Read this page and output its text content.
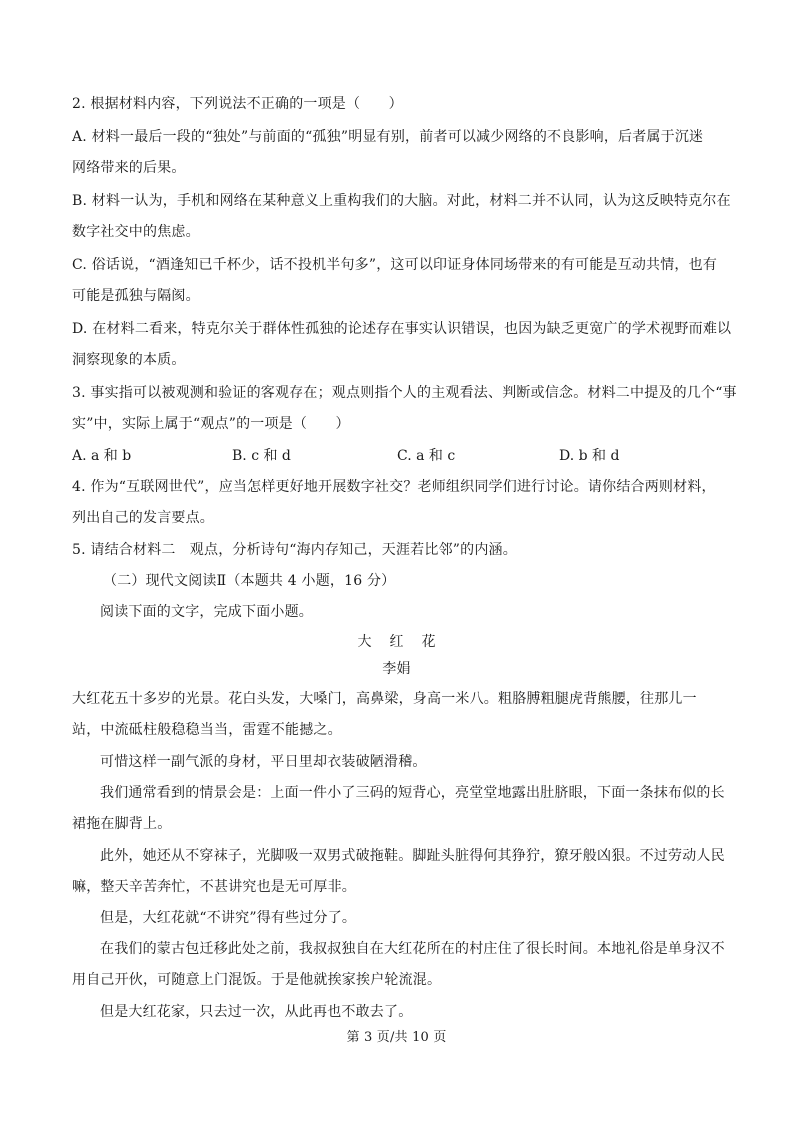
2. 根据材料内容，下列说法不正确的一项是（　　）
A. 材料一最后一段的“独处”与前面的“孤独”明显有别，前者可以减少网络的不良影响，后者属于沉迷
网络带来的后果。
B. 材料一认为，手机和网络在某种意义上重构我们的大脑。对此，材料二并不认同，认为这反映特克尔在
数字社交中的焦虑。
C. 俗话说，“酒逢知已千杯少，话不投机半句多”，这可以印证身体同场带来的有可能是互动共情，也有
可能是孤独与隔阂。
D. 在材料二看来，特克尔关于群体性孤独的论述存在事实认识错误，也因为缺乏更宽广的学术视野而难以
洞察现象的本质。
3. 事实指可以被观测和验证的客观存在；观点则指个人的主观看法、判断或信念。材料二中提及的几个“事
实”中，实际上属于“观点”的一项是（　　）
A. a 和 b	B. c 和 d	C. a 和 c	D. b 和 d
4. 作为“互联网世代”，应当怎样更好地开展数字社交？老师组织同学们进行讨论。请你结合两则材料，
列出自己的发言要点。
5. 请结合材料二　观点，分析诗句“海内存知己，天涯若比邻”的内涵。
（二）现代文阅读Ⅱ（本题共 4 小题，16 分）
阅读下面的文字，完成下面小题。
大红花
李娟
大红花五十多岁的光景。花白头发，大嗓门，高鼻梁，身高一米八。粗胳膊粗腿虎背熊腰，往那儿一
站，中流砥柱般稳稳当当，雷霆不能撼之。
可惜这样一副气派的身材，平日里却衣装破陋滑稽。
我们通常看到的情景会是：上面一件小了三码的短背心，亮堂堂地露出肚脐眼，下面一条抹布似的长
裙拖在脚背上。
此外，她还从不穿袜子，光脚吸一双男式破拖鞋。脚趾头脏得何其狰狞，獠牙般凶狠。不过劳动人民
嘛，整天辛苦奔忙，不甚讲究也是无可厚非。
但是，大红花就“不讲究”得有些过分了。
在我们的蒙古包迁移此处之前，我叔叔独自在大红花所在的村庄住了很长时间。本地礼俗是单身汉不
用自己开伙，可随意上门混饭。于是他就挨家挨户轮流混。
但是大红花家，只去过一次，从此再也不敢去了。
第 3 页/共 10 页
